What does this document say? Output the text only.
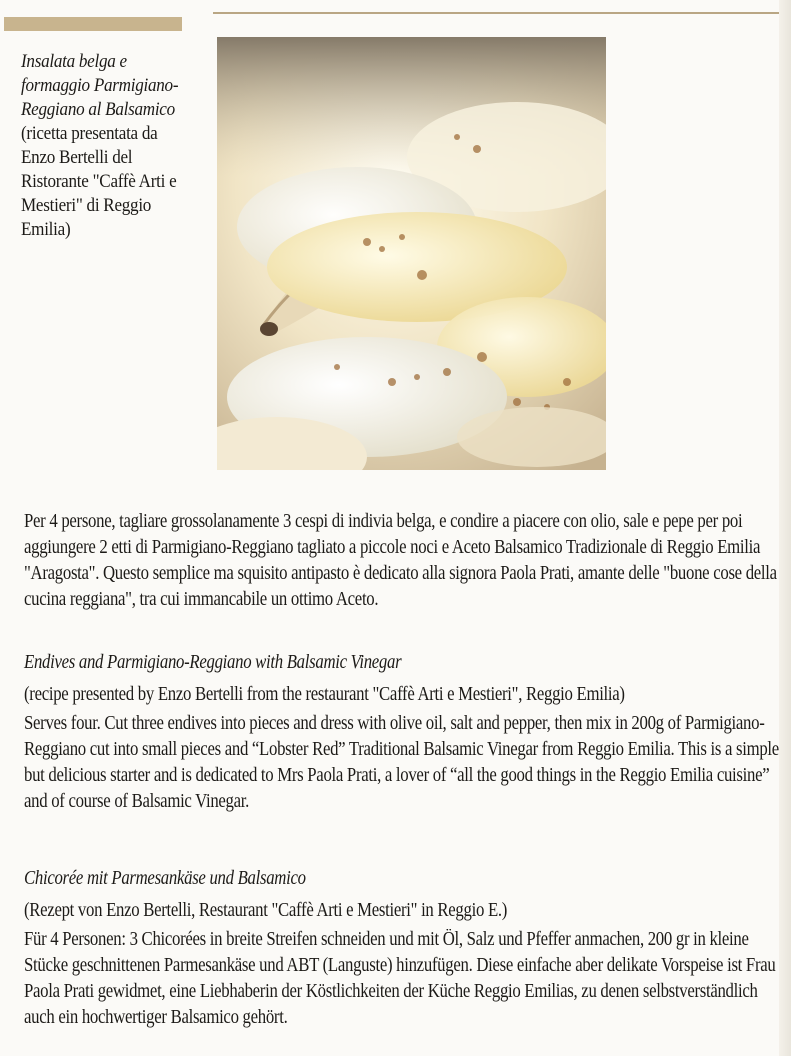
Insalata belga e formaggio Parmigiano-Reggiano al Balsamico (ricetta presentata da Enzo Bertelli del Ristorante "Caffè Arti e Mestieri" di Reggio Emilia)

Per 4 persone, tagliare grossolanamente 3 cespi di indivia belga, e condire a piacere con olio, sale e pepe per poi aggiungere 2 etti di Parmigiano-Reggiano tagliato a piccole noci e Aceto Balsamico Tradizionale di Reggio Emilia "Aragosta". Questo semplice ma squisito antipasto è dedicato alla signora Paola Prati, amante delle "buone cose della cucina reggiana", tra cui immancabile un ottimo Aceto.

Endives and Parmigiano-Reggiano with Balsamic Vinegar

(recipe presented by Enzo Bertelli from the restaurant "Caffè Arti e Mestieri", Reggio Emilia)

Serves four. Cut three endives into pieces and dress with olive oil, salt and pepper, then mix in 200g of Parmigiano-Reggiano cut into small pieces and “Lobster Red” Traditional Balsamic Vinegar from Reggio Emilia. This is a simple but delicious starter and is dedicated to Mrs Paola Prati, a lover of “all the good things in the Reggio Emilia cuisine” and of course of Balsamic Vinegar.

Chicorée mit Parmesankäse und Balsamico

(Rezept von Enzo Bertelli, Restaurant "Caffè Arti e Mestieri" in Reggio E.)

Für 4 Personen: 3 Chicorées in breite Streifen schneiden und mit Öl, Salz und Pfeffer anmachen, 200 gr in kleine Stücke geschnittenen Parmesankäse und ABT (Languste) hinzufügen. Diese einfache aber delikate Vorspeise ist Frau Paola Prati gewidmet, eine Liebhaberin der Köstlichkeiten der Küche Reggio Emilias, zu denen selbstverständlich auch ein hochwertiger Balsamico gehört.
